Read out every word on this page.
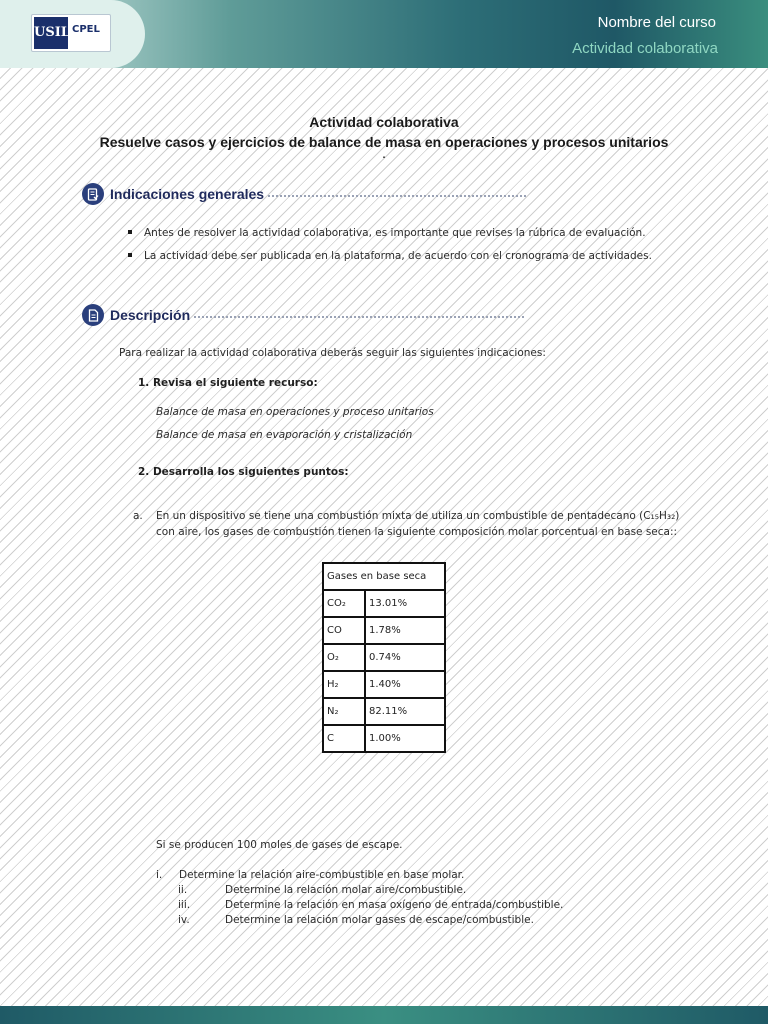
USIL CPEL	Nombre del curso
Actividad colaborativa
Actividad colaborativa
Resuelve casos y ejercicios de balance de masa en operaciones y procesos unitarios
.
Indicaciones generales
Antes de resolver la actividad colaborativa, es importante que revises la rúbrica de evaluación.
La actividad debe ser publicada en la plataforma, de acuerdo con el cronograma de actividades.
Descripción
Para realizar la actividad colaborativa deberás seguir las siguientes indicaciones:
1. Revisa el siguiente recurso:
Balance de masa en operaciones y proceso unitarios
Balance de masa en evaporación y cristalización
2. Desarrolla los siguientes puntos:
a. En un dispositivo se tiene una combustión mixta de utiliza un combustible de pentadecano (C₁₅H₃₂)
con aire, los gases de combustión tienen la siguiente composición molar porcentual en base seca::
Gases en base seca	
CO₂	13.01%
CO	1.78%
O₂	0.74%
H₂	1.40%
N₂	82.11%
C	1.00%
Si se producen 100 moles de gases de escape.
i. Determine la relación aire-combustible en base molar.
ii.	Determine la relación molar aire/combustible.
iii.	Determine la relación en masa oxígeno de entrada/combustible.
iv.	Determine la relación molar gases de escape/combustible.
